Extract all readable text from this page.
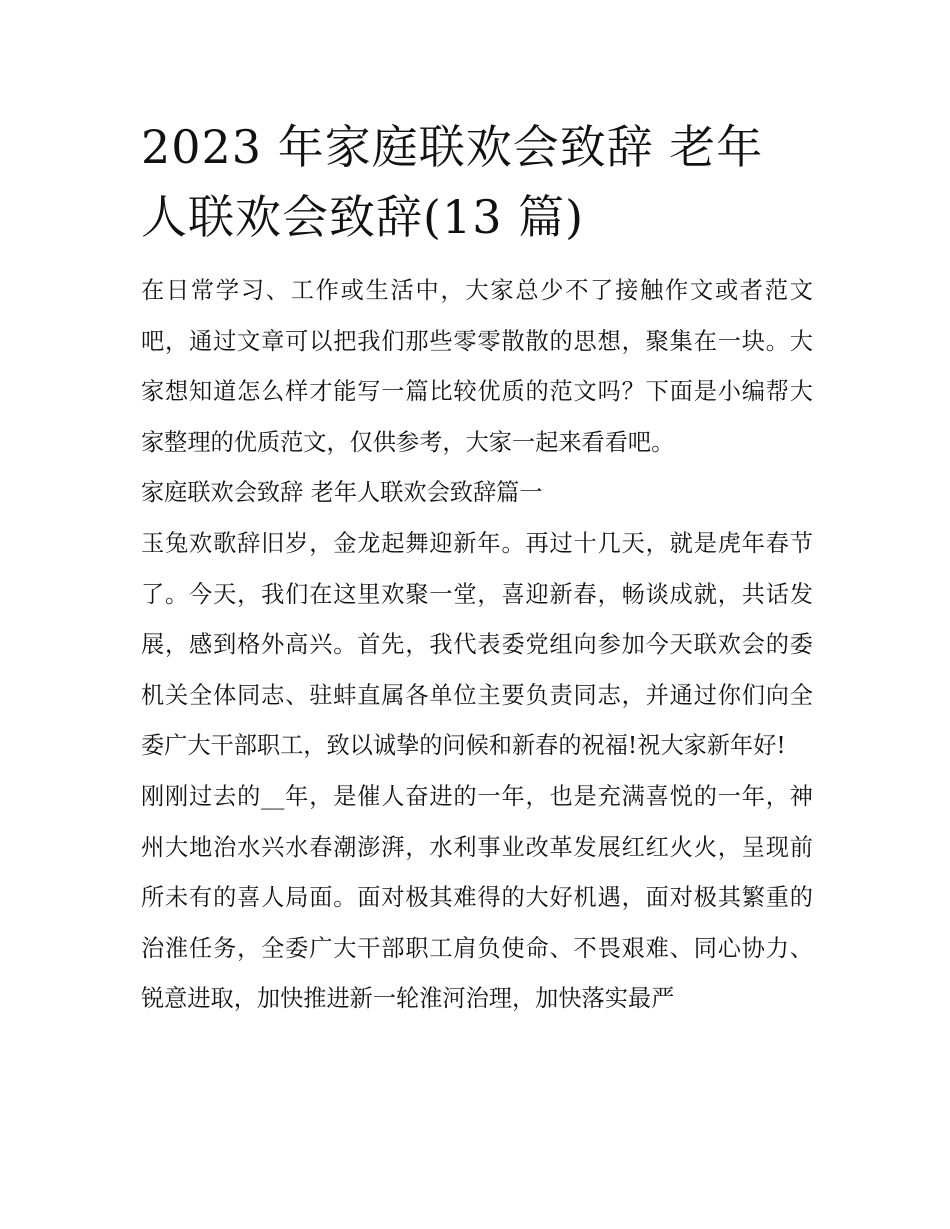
2023 年家庭联欢会致辞 老年
人联欢会致辞(13 篇)

在日常学习、工作或生活中，大家总少不了接触作文或者范文吧，通过文章可以把我们那些零零散散的思想，聚集在一块。大家想知道怎么样才能写一篇比较优质的范文吗？下面是小编帮大家整理的优质范文，仅供参考，大家一起来看看吧。

家庭联欢会致辞 老年人联欢会致辞篇一

玉兔欢歌辞旧岁，金龙起舞迎新年。再过十几天，就是虎年春节了。今天，我们在这里欢聚一堂，喜迎新春，畅谈成就，共话发展，感到格外高兴。首先，我代表委党组向参加今天联欢会的委机关全体同志、驻蚌直属各单位主要负责同志，并通过你们向全委广大干部职工，致以诚挚的问候和新春的祝福!祝大家新年好!

刚刚过去的__年，是催人奋进的一年，也是充满喜悦的一年，神州大地治水兴水春潮澎湃，水利事业改革发展红红火火，呈现前所未有的喜人局面。面对极其难得的大好机遇，面对极其繁重的治淮任务，全委广大干部职工肩负使命、不畏艰难、同心协力、锐意进取，加快推进新一轮淮河治理，加快落实最严
